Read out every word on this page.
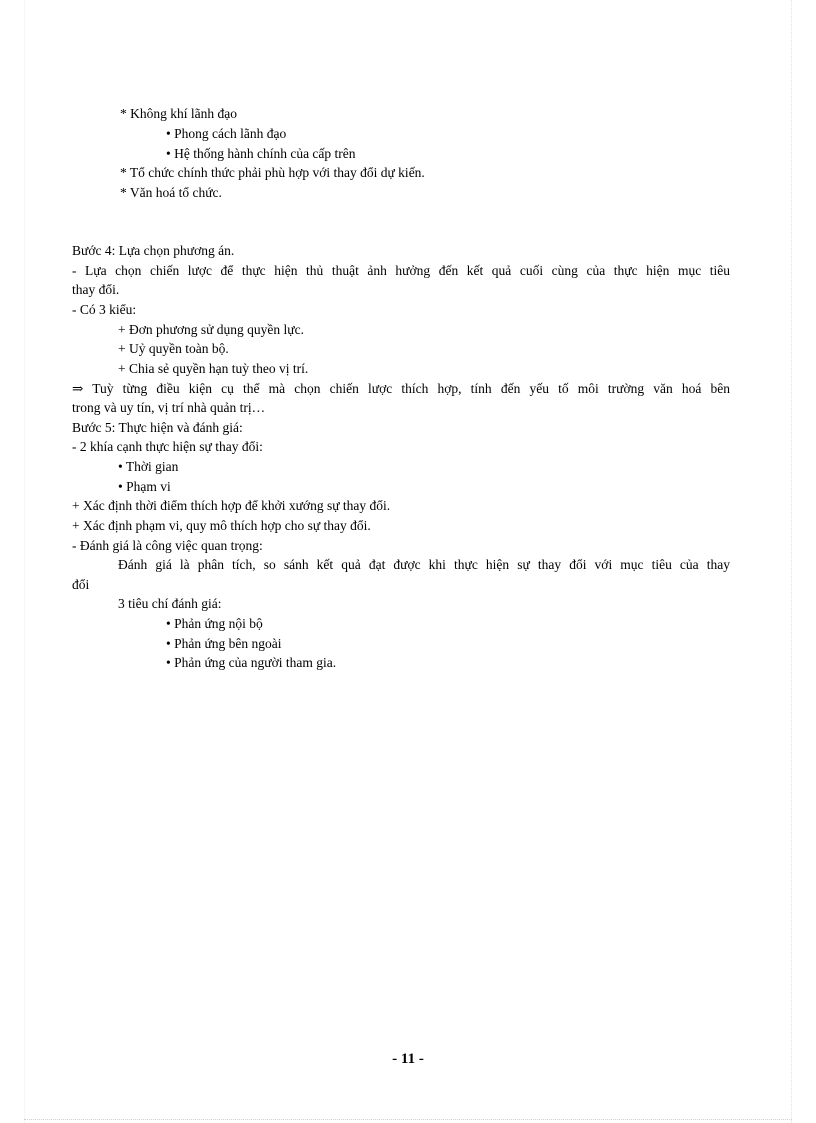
* Không khí lãnh đạo
• Phong cách lãnh đạo
• Hệ thống hành chính của cấp trên
* Tổ chức chính thức phải phù hợp với thay đổi dự kiến.
* Văn hoá tổ chức.
Bước 4: Lựa chọn phương án.
- Lựa chọn chiến lược để thực hiện thủ thuật ảnh hưởng đến kết quả cuối cùng của thực hiện mục tiêu
thay đổi.
- Có 3 kiểu:
+ Đơn phương sử dụng quyền lực.
+ Uỷ quyền toàn bộ.
+ Chia sẻ quyền hạn tuỳ theo vị trí.
⇒ Tuỳ từng điều kiện cụ thể mà chọn chiến lược thích hợp, tính đến yếu tố môi trường văn hoá bên
trong và uy tín, vị trí nhà quản trị…
Bước 5: Thực hiện và đánh giá:
- 2 khía cạnh thực hiện sự thay đổi:
• Thời gian
• Phạm vi
+ Xác định thời điểm thích hợp để khởi xướng sự thay đổi.
+ Xác định phạm vi, quy mô thích hợp cho sự thay đổi.
- Đánh giá là công việc quan trọng:
Đánh giá là phân tích, so sánh kết quả đạt được khi thực hiện sự thay đổi với mục tiêu của thay
đổi
3 tiêu chí đánh giá:
• Phản ứng nội bộ
• Phản ứng bên ngoài
• Phản ứng của người tham gia.
- 11 -
